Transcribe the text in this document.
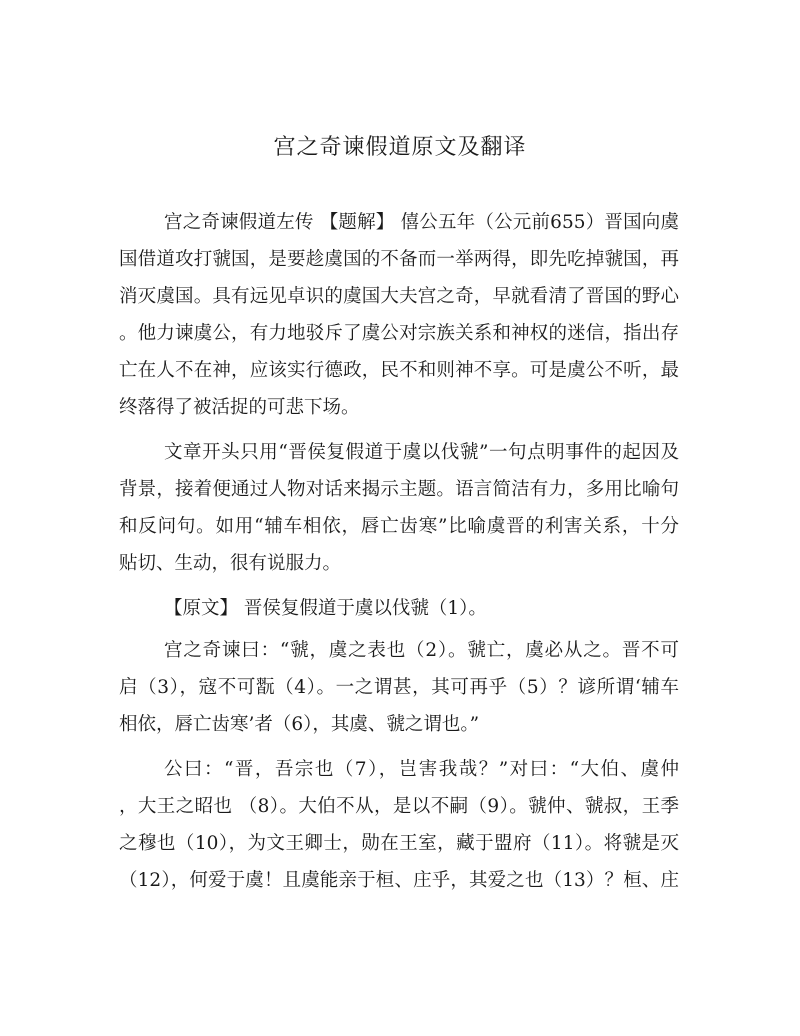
宫之奇谏假道原文及翻译
宫之奇谏假道左传 【题解】 僖公五年（公元前655）晋国向虞
国借道攻打虢国，是要趁虞国的不备而一举两得，即先吃掉虢国，再
消灭虞国。具有远见卓识的虞国大夫宫之奇，早就看清了晋国的野心
。他力谏虞公，有力地驳斥了虞公对宗族关系和神权的迷信，指出存
亡在人不在神，应该实行德政，民不和则神不享。可是虞公不听，最
终落得了被活捉的可悲下场。
文章开头只用“晋侯复假道于虞以伐虢”一句点明事件的起因及
背景，接着便通过人物对话来揭示主题。语言简洁有力，多用比喻句
和反问句。如用“辅车相依，唇亡齿寒”比喻虞晋的利害关系，十分
贴切、生动，很有说服力。
【原文】 晋侯复假道于虞以伐虢（1）。
宫之奇谏曰：“虢，虞之表也（2）。虢亡，虞必从之。晋不可
启（3），寇不可翫（4）。一之谓甚，其可再乎（5）？谚所谓‘辅车
相依，唇亡齿寒’者（6），其虞、虢之谓也。”
公曰：“晋，吾宗也（7），岂害我哉？”对曰：“大伯、虞仲
，大王之昭也 （8）。大伯不从，是以不嗣（9）。虢仲、虢叔，王季
之穆也（10），为文王卿士，勋在王室，藏于盟府（11）。将虢是灭
（12），何爱于虞！且虞能亲于桓、庄乎，其爱之也（13）？桓、庄
